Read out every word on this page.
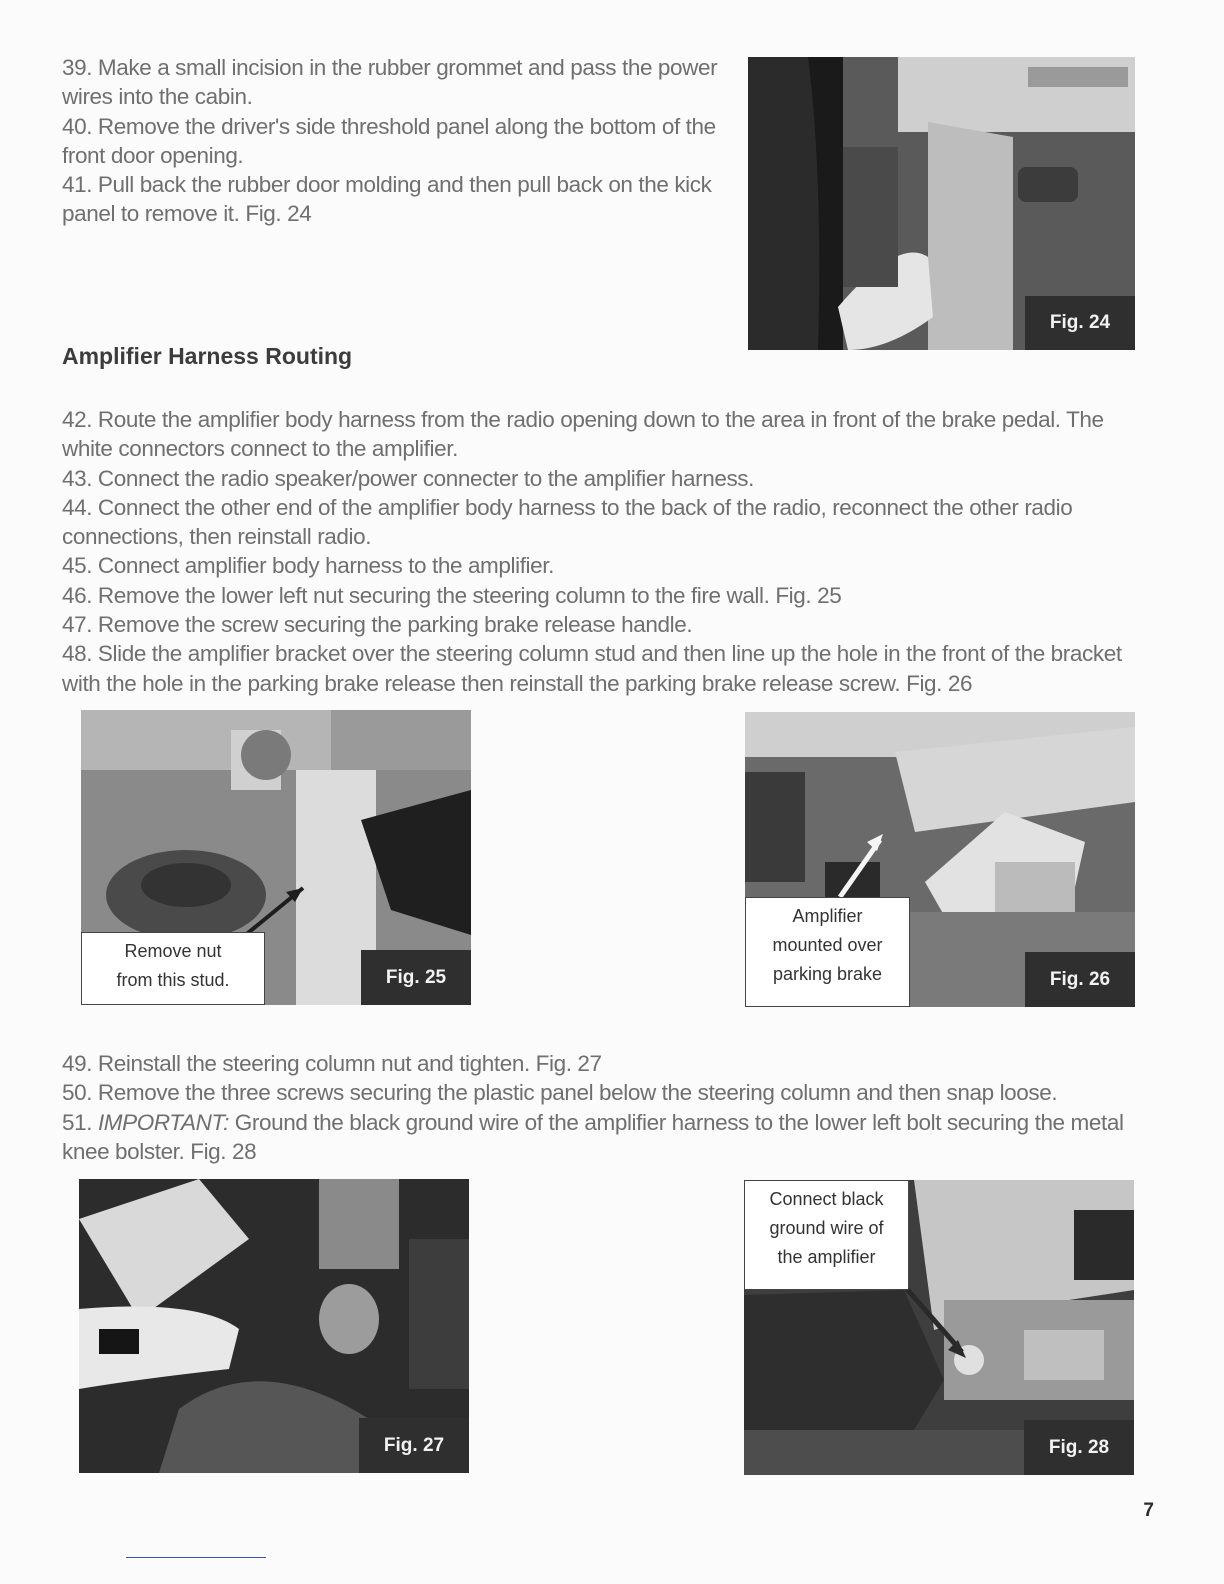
39. Make a small incision in the rubber grommet and pass the power wires into the cabin.

40. Remove the driver's side threshold panel along the bottom of the front door opening.

41. Pull back the rubber door molding and then pull back on the kick panel to remove it. Fig. 24

Amplifier Harness Routing
Fig. 24

42. Route the amplifier body harness from the radio opening down to the area in front of the brake pedal. The white connectors connect to the amplifier.

43. Connect the radio speaker/power connecter to the amplifier harness.

44. Connect the other end of the amplifier body harness to the back of the radio, reconnect the other radio connections, then reinstall radio.

45. Connect amplifier body harness to the amplifier.

46. Remove the lower left nut securing the steering column to the fire wall. Fig. 25

47. Remove the screw securing the parking brake release handle.

48. Slide the amplifier bracket over the steering column stud and then line up the hole in the front of the bracket with the hole in the parking brake release then reinstall the parking brake release screw. Fig. 26

Remove nut
from this stud.	Fig. 25
Amplifier
mounted over
parking brake	Fig. 26

49. Reinstall the steering column nut and tighten. Fig. 27

50. Remove the three screws securing the plastic panel below the steering column and then snap loose.

51. IMPORTANT: Ground the black ground wire of the amplifier harness to the lower left bolt securing the metal knee bolster. Fig. 28

Fig. 27
Connect black
ground wire of
the amplifier
Fig. 28
7
